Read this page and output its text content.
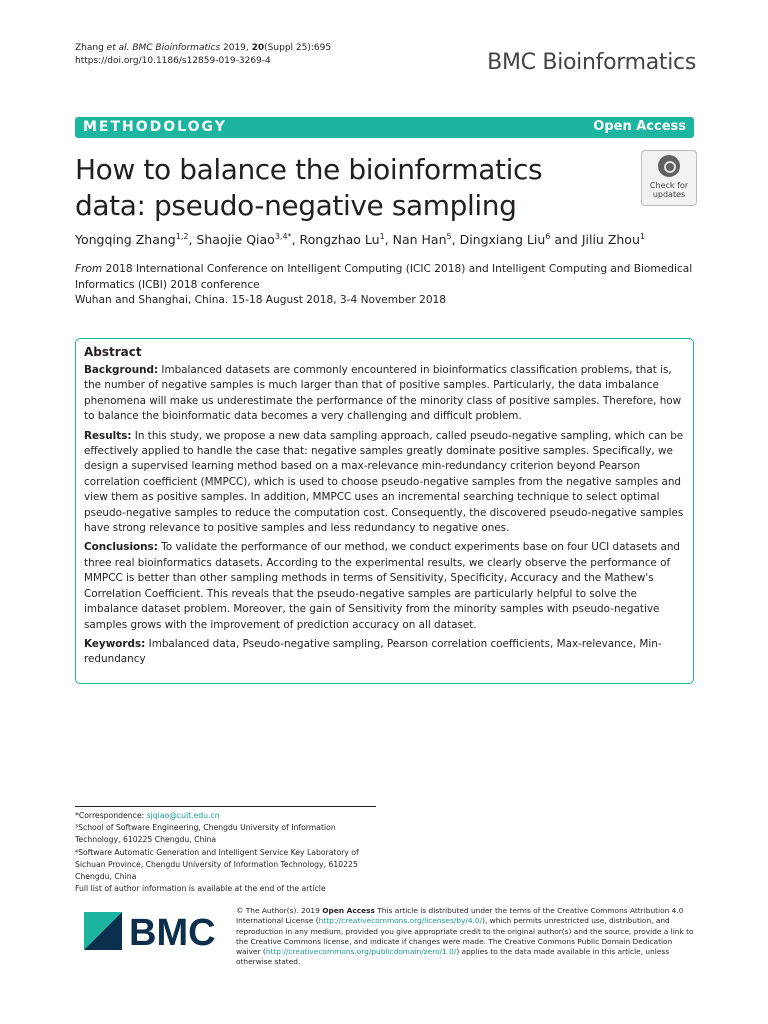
Zhang et al. BMC Bioinformatics 2019, 20(Suppl 25):695
https://doi.org/10.1186/s12859-019-3269-4	BMC Bioinformatics
METHODOLOGY	Open Access
How to balance the bioinformatics data: pseudo-negative sampling
Check for
updates
Yongqing Zhang$^{1,2}$, Shaojie Qiao$^{3,4*}$, Rongzhao Lu$^1$, Nan Han$^5$, Dingxiang Liu$^6$ and Jiliu Zhou$^1$
From 2018 International Conference on Intelligent Computing (ICIC 2018) and Intelligent Computing and Biomedical Informatics (ICBI) 2018 conference
Wuhan and Shanghai, China. 15-18 August 2018, 3-4 November 2018
Abstract

Background: Imbalanced datasets are commonly encountered in bioinformatics classification problems, that is, the number of negative samples is much larger than that of positive samples. Particularly, the data imbalance phenomena will make us underestimate the performance of the minority class of positive samples. Therefore, how to balance the bioinformatic data becomes a very challenging and difficult problem.

Results: In this study, we propose a new data sampling approach, called pseudo-negative sampling, which can be effectively applied to handle the case that: negative samples greatly dominate positive samples. Specifically, we design a supervised learning method based on a max-relevance min-redundancy criterion beyond Pearson correlation coefficient (MMPCC), which is used to choose pseudo-negative samples from the negative samples and view them as positive samples. In addition, MMPCC uses an incremental searching technique to select optimal pseudo-negative samples to reduce the computation cost. Consequently, the discovered pseudo-negative samples have strong relevance to positive samples and less redundancy to negative ones.

Conclusions: To validate the performance of our method, we conduct experiments base on four UCI datasets and three real bioinformatics datasets. According to the experimental results, we clearly observe the performance of MMPCC is better than other sampling methods in terms of Sensitivity, Specificity, Accuracy and the Mathew's Correlation Coefficient. This reveals that the pseudo-negative samples are particularly helpful to solve the imbalance dataset problem. Moreover, the gain of Sensitivity from the minority samples with pseudo-negative samples grows with the improvement of prediction accuracy on all dataset.

Keywords: Imbalanced data, Pseudo-negative sampling, Pearson correlation coefficients, Max-relevance, Min-redundancy

*Correspondence: sjqiao@cuit.edu.cn
³School of Software Engineering, Chengdu University of Information Technology, 610225 Chengdu, China
⁴Software Automatic Generation and Intelligent Service Key Laboratory of Sichuan Province, Chengdu University of Information Technology, 610225 Chengdu, China
Full list of author information is available at the end of the article
BMC
© The Author(s). 2019 Open Access This article is distributed under the terms of the Creative Commons Attribution 4.0 International License (http://creativecommons.org/licenses/by/4.0/), which permits unrestricted use, distribution, and reproduction in any medium, provided you give appropriate credit to the original author(s) and the source, provide a link to the Creative Commons license, and indicate if changes were made. The Creative Commons Public Domain Dedication waiver (http://creativecommons.org/publicdomain/zero/1.0/) applies to the data made available in this article, unless otherwise stated.
